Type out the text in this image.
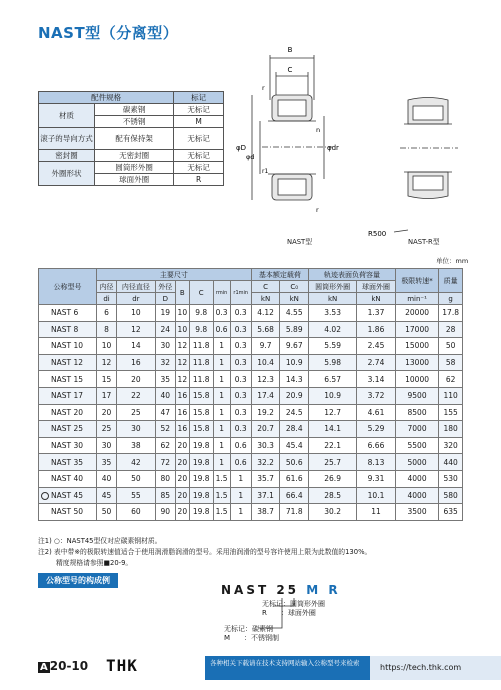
NAST型（分离型）
配件规格		标记
材质	碳素钢	无标记
	不锈钢	M
滚子的导向方式	配有保持架	无标记
密封圈	无密封圈	无标记
外圈形状	圆筒形外圈	无标记
	球面外圈	R
B
C
r
n
φD
φd
φdr
r1
r
R500
NAST型	NAST-R型
单位：mm
公称型号	主要尺寸							基本额定载荷		轨迹表面负荷容量		极限转速*	质量
	内径	内径直径	外径	B	C	rmin	r1min	C	C₀	圆筒形外圈	球面外圈		
	di	dr	D					kN	kN	kN	kN	min⁻¹	g
NAST 6	6	10	19	10	9.8	0.3	0.3	4.12	4.55	3.53	1.37	20000	17.8
NAST 8	8	12	24	10	9.8	0.6	0.3	5.68	5.89	4.02	1.86	17000	28
NAST 10	10	14	30	12	11.8	1	0.3	9.7	9.67	5.59	2.45	15000	50
NAST 12	12	16	32	12	11.8	1	0.3	10.4	10.9	5.98	2.74	13000	58
NAST 15	15	20	35	12	11.8	1	0.3	12.3	14.3	6.57	3.14	10000	62
NAST 17	17	22	40	16	15.8	1	0.3	17.4	20.9	10.9	3.72	9500	110
NAST 20	20	25	47	16	15.8	1	0.3	19.2	24.5	12.7	4.61	8500	155
NAST 25	25	30	52	16	15.8	1	0.3	20.7	28.4	14.1	5.29	7000	180
NAST 30	30	38	62	20	19.8	1	0.6	30.3	45.4	22.1	6.66	5500	320
NAST 35	35	42	72	20	19.8	1	0.6	32.2	50.6	25.7	8.13	5000	440
NAST 40	40	50	80	20	19.8	1.5	1	35.7	61.6	26.9	9.31	4000	530

NAST 45	45	55	85	20	19.8	1.5	1	37.1	66.4	28.5	10.1	4000	580
NAST 50	50	60	90	20	19.8	1.5	1	38.7	71.8	30.2	11	3500	635
注1) ○：NAST45型仅对应碳素钢材质。
注2) 表中带※的极限转速值适合于使用润滑脂润滑的型号。采用油润滑的型号容许使用上限为此数值的130%。
精度规格请参照■20-9。
公称型号的构成例
NAST 25 M R
无标记：圆筒形外圈
R　　：球面外圈
无标记：碳素钢
M　　：不锈钢制
A 20-10 THK	各种相关下载请在技术支持网站输入公称型号来检索	https://tech.thk.com
